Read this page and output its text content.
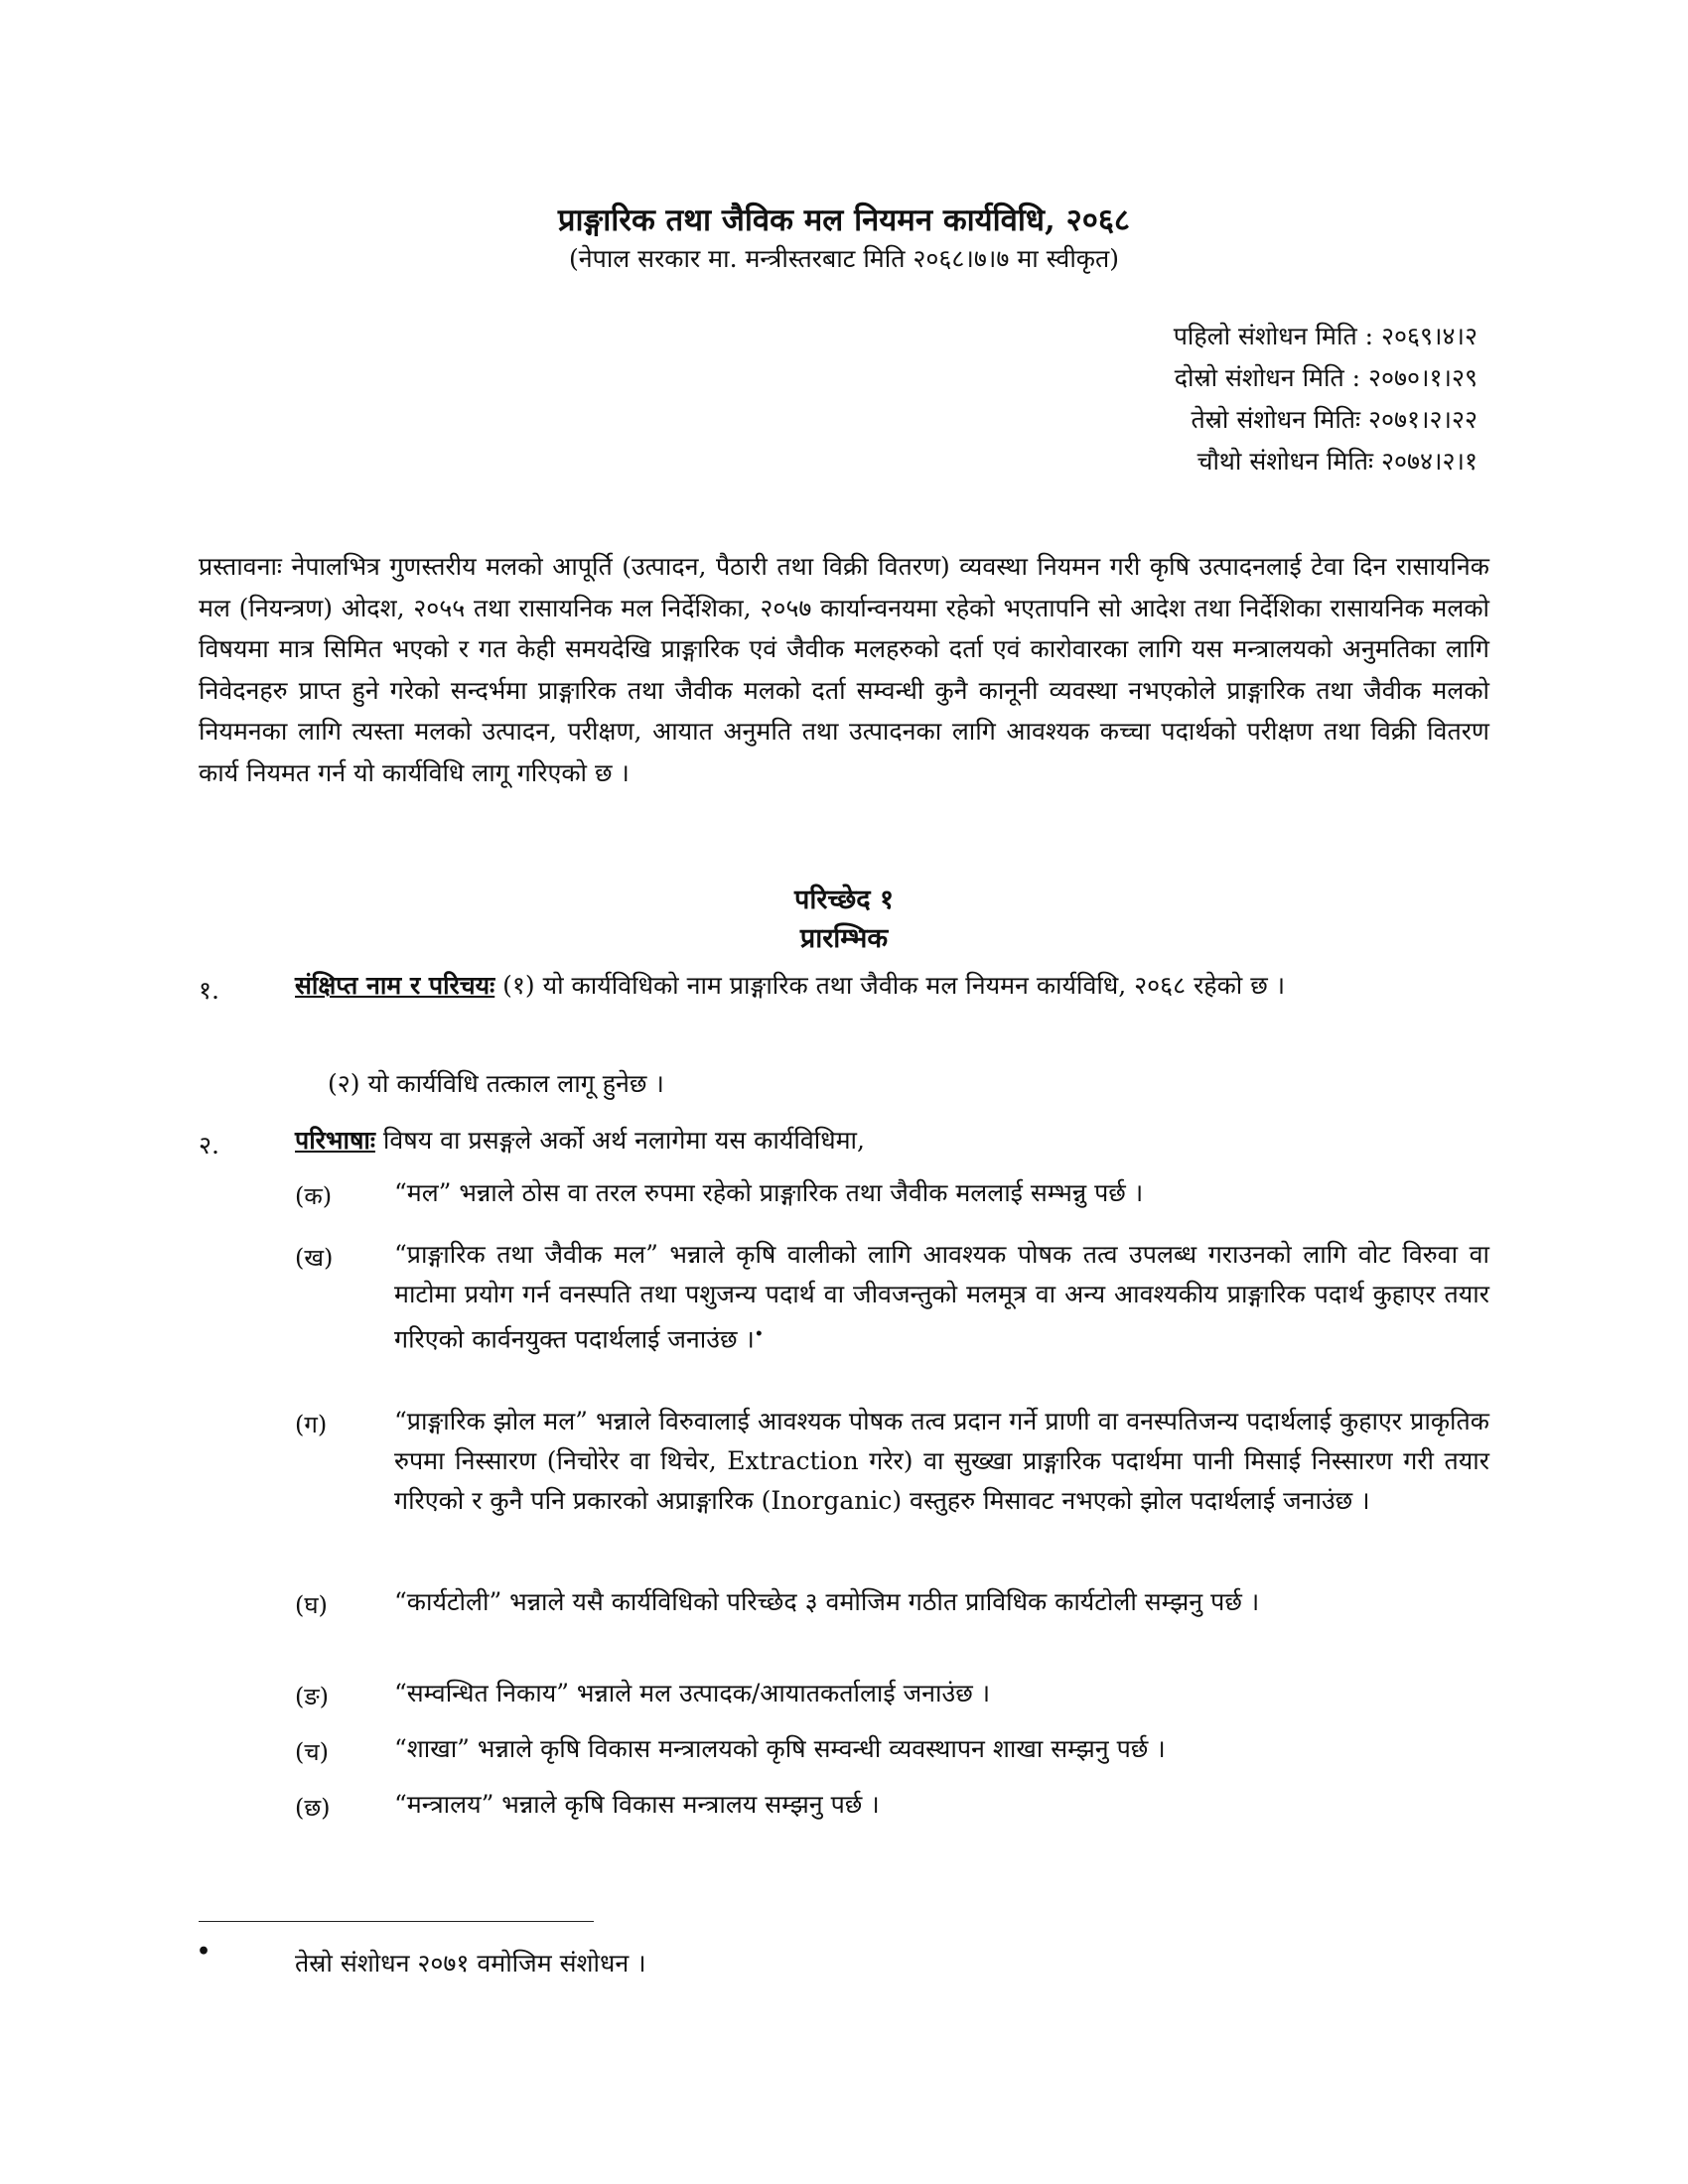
प्राङ्गारिक तथा जैविक मल नियमन कार्यविधि, २०६८
(नेपाल सरकार मा. मन्त्रीस्तरबाट मिति २०६८।७।७ मा स्वीकृत)
पहिलो संशोधन मिति : २०६९।४।२
दोस्रो संशोधन मिति : २०७०।१।२९
तेस्रो संशोधन मितिः २०७१।२।२२
चौथो संशोधन मितिः २०७४।२।१
प्रस्तावनाः नेपालभित्र गुणस्तरीय मलको आपूर्ति (उत्पादन, पैठारी तथा विक्री वितरण) व्यवस्था नियमन गरी कृषि उत्पादनलाई टेवा दिन रासायनिक मल (नियन्त्रण) ओदश, २०५५ तथा रासायनिक मल निर्देशिका, २०५७ कार्यान्वनयमा रहेको भएतापनि सो आदेश तथा निर्देशिका रासायनिक मलको विषयमा मात्र सिमित भएको र गत केही समयदेखि प्राङ्गारिक एवं जैवीक मलहरुको दर्ता एवं कारोवारका लागि यस मन्त्रालयको अनुमतिका लागि निवेदनहरु प्राप्त हुने गरेको सन्दर्भमा प्राङ्गारिक तथा जैवीक मलको दर्ता सम्वन्धी कुनै कानूनी व्यवस्था नभएकोले प्राङ्गारिक तथा जैवीक मलको नियमनका लागि त्यस्ता मलको उत्पादन, परीक्षण, आयात अनुमति तथा उत्पादनका लागि आवश्यक कच्चा पदार्थको परीक्षण तथा विक्री वितरण कार्य नियमत गर्न यो कार्यविधि लागू गरिएको छ ।
परिच्छेद १
प्रारम्भिक
१.	संक्षिप्त नाम र परिचयः (१) यो कार्यविधिको नाम प्राङ्गारिक तथा जैवीक मल नियमन कार्यविधि, २०६८ रहेको छ ।
(२) यो कार्यविधि तत्काल लागू हुनेछ ।
२.	परिभाषाः विषय वा प्रसङ्गले अर्को अर्थ नलागेमा यस कार्यविधिमा,
(क)	“मल” भन्नाले ठोस वा तरल रुपमा रहेको प्राङ्गारिक तथा जैवीक मललाई सम्भन्नु पर्छ ।
(ख) “प्राङ्गारिक तथा जैवीक मल” भन्नाले कृषि वालीको लागि आवश्यक पोषक तत्व उपलब्ध गराउनको लागि वोट विरुवा वा माटोमा प्रयोग गर्न वनस्पति तथा पशुजन्य पदार्थ वा जीवजन्तुको मलमूत्र वा अन्य आवश्यकीय प्राङ्गारिक पदार्थ कुहाएर तयार गरिएको कार्वनयुक्त पदार्थलाई जनाउंछ ।•
(ग)	“प्राङ्गारिक झोल मल” भन्नाले विरुवालाई आवश्यक पोषक तत्व प्रदान गर्ने प्राणी वा वनस्पतिजन्य पदार्थलाई कुहाएर प्राकृतिक रुपमा निस्सारण (निचोरेर वा थिचेर, Extraction गरेर) वा सुख्खा प्राङ्गारिक पदार्थमा पानी मिसाई निस्सारण गरी तयार गरिएको र कुनै पनि प्रकारको अप्राङ्गारिक (Inorganic) वस्तुहरु मिसावट नभएको झोल पदार्थलाई जनाउंछ ।
(घ)	“कार्यटोली” भन्नाले यसै कार्यविधिको परिच्छेद ३ वमोजिम गठीत प्राविधिक कार्यटोली सम्झनु पर्छ ।
(ङ)	“सम्वन्धित निकाय” भन्नाले मल उत्पादक/आयातकर्तालाई जनाउंछ ।
(च)	“शाखा” भन्नाले कृषि विकास मन्त्रालयको कृषि सम्वन्धी व्यवस्थापन शाखा सम्झनु पर्छ ।
(छ)	“मन्त्रालय” भन्नाले कृषि विकास मन्त्रालय सम्झनु पर्छ ।
•	तेस्रो संशोधन २०७१ वमोजिम संशोधन ।
